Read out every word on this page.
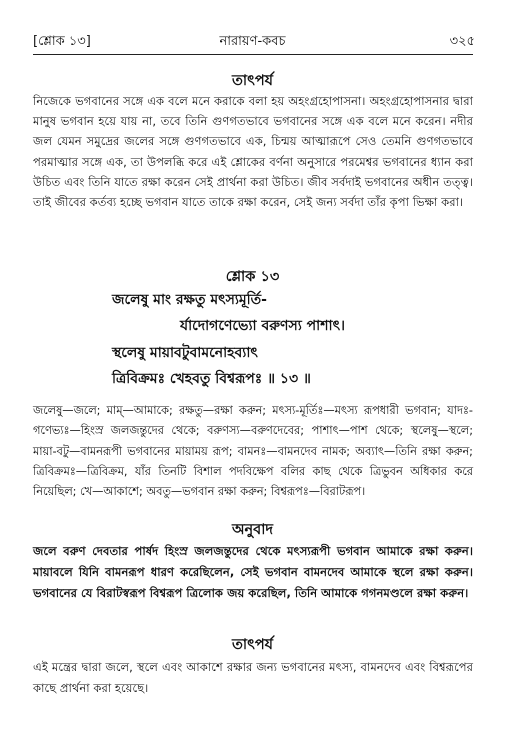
[শ্লোক ১৩]	নারায়ণ-কবচ	৩২৫
তাৎপর্য
নিজেকে ভগবানের সঙ্গে এক বলে মনে করাকে বলা হয় অহংগ্রহোপাসনা। অহংগ্রহোপাসনার দ্বারা মানুষ ভগবান হয়ে যায় না, তবে তিনি গুণগতভাবে ভগবানের সঙ্গে এক বলে মনে করেন। নদীর জল যেমন সমুদ্রের জলের সঙ্গে গুণগতভাবে এক, চিন্ময় আত্মারূপে সেও তেমনি গুণগতভাবে পরমাত্মার সঙ্গে এক, তা উপলব্ধি করে এই শ্লোকের বর্ণনা অনুসারে পরমেশ্বর ভগবানের ধ্যান করা উচিত এবং তিনি যাতে রক্ষা করেন সেই প্রার্থনা করা উচিত। জীব সর্বদাই ভগবানের অধীন তত্ত্ব। তাই জীবের কর্তব্য হচ্ছে ভগবান যাতে তাকে রক্ষা করেন, সেই জন্য সর্বদা তাঁর কৃপা ভিক্ষা করা।
শ্লোক ১৩
জলেষু মাং রক্ষতু মৎস্যমূর্তি-
র্যাদোগণেভ্যো বরুণস্য পাশাৎ।
স্থলেষু মায়াবটুবামনোহব্যাৎ
ত্রিবিক্রমঃ খেহবতু বিশ্বরূপঃ ॥ ১৩ ॥
জলেষু—জলে; মাম্—আমাকে; রক্ষতু—রক্ষা করুন; মৎস্য-মূর্তিঃ—মৎস্য রূপধারী ভগবান; যাদঃ-গণেভ্যঃ—হিংস্র জলজন্তুদের থেকে; বরুণস্য—বরুণদেবের; পাশাৎ—পাশ থেকে; স্থলেষু—স্থলে; মায়া-বটু—বামনরূপী ভগবানের মায়াময় রূপ; বামনঃ—বামনদেব নামক; অব্যাৎ—তিনি রক্ষা করুন; ত্রিবিক্রমঃ—ত্রিবিক্রম, যাঁর তিনটি বিশাল পদবিক্ষেপ বলির কাছ থেকে ত্রিভুবন অধিকার করে নিয়েছিল; খে—আকাশে; অবতু—ভগবান রক্ষা করুন; বিশ্বরূপঃ—বিরাটরূপ।
অনুবাদ
জলে বরুণ দেবতার পার্ষদ হিংস্র জলজন্তুদের থেকে মৎস্যরূপী ভগবান আমাকে রক্ষা করুন। মায়াবলে যিনি বামনরূপ ধারণ করেছিলেন, সেই ভগবান বামনদেব আমাকে স্থলে রক্ষা করুন। ভগবানের যে বিরাটস্বরূপ বিশ্বরূপ ত্রিলোক জয় করেছিল, তিনি আমাকে গগনমণ্ডলে রক্ষা করুন।
তাৎপর্য
এই মন্ত্রের দ্বারা জলে, স্থলে এবং আকাশে রক্ষার জন্য ভগবানের মৎস্য, বামনদেব এবং বিশ্বরূপের কাছে প্রার্থনা করা হয়েছে।
